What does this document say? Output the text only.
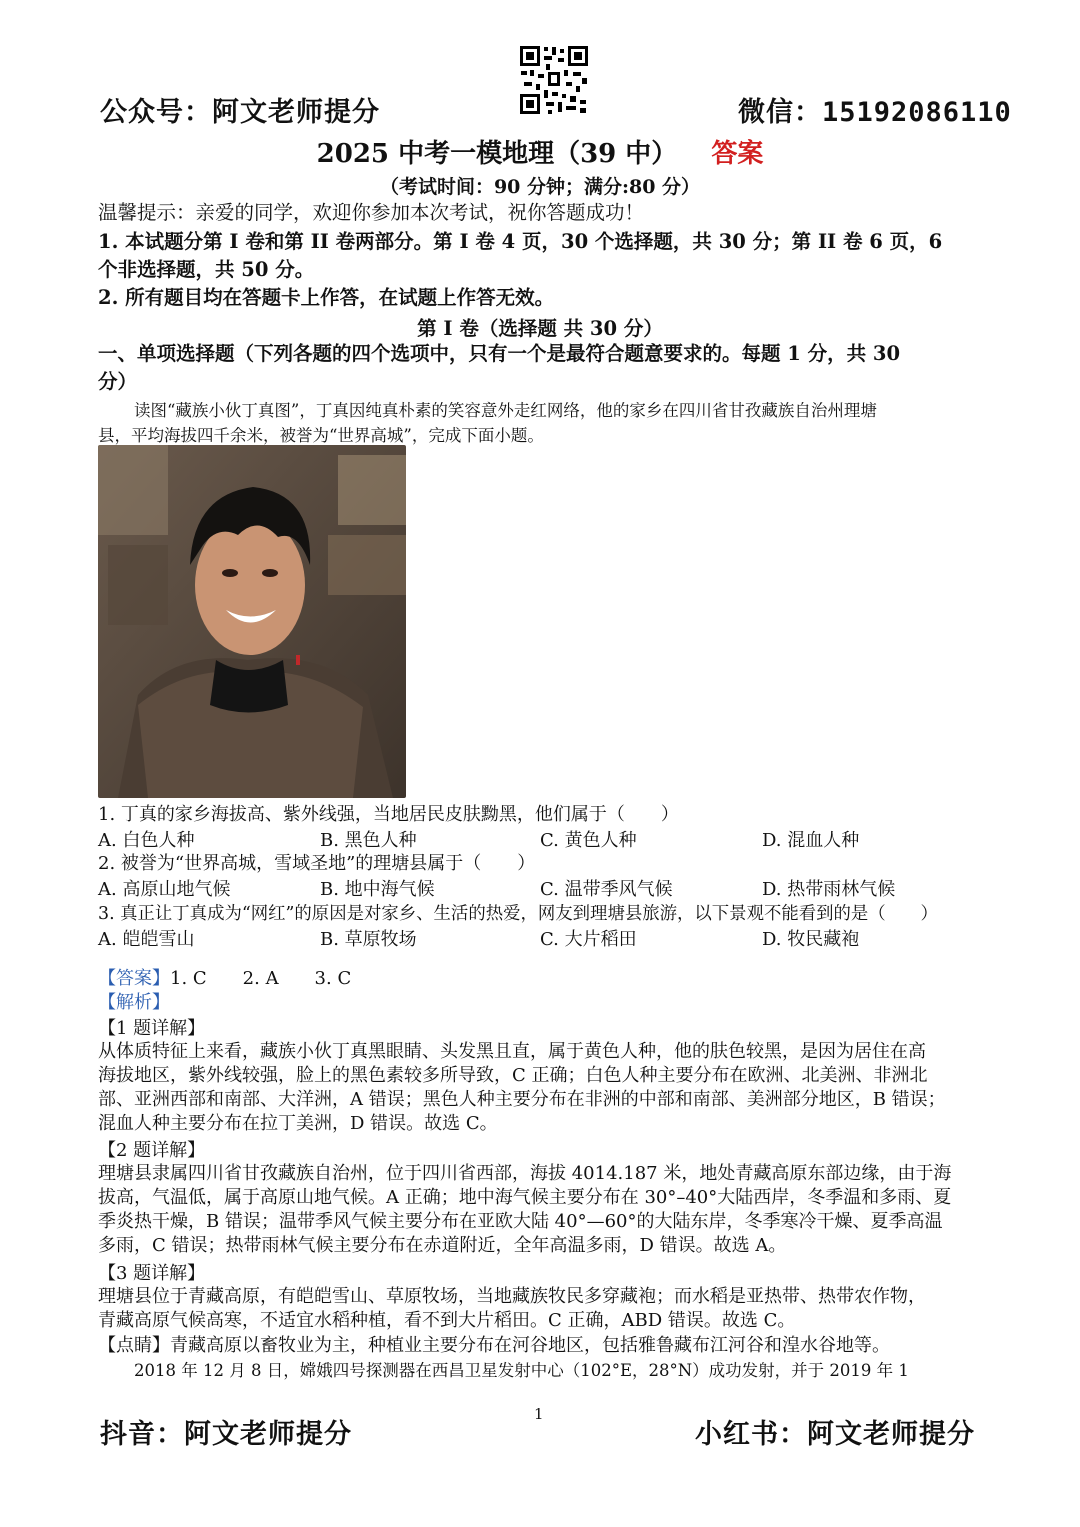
公众号：阿文老师提分	微信：15192086110
2025 中考一模地理（39 中） 答案
（考试时间：90 分钟；满分:80 分）
温馨提示：亲爱的同学，欢迎你参加本次考试，祝你答题成功！
1. 本试题分第 I 卷和第 II 卷两部分。第 I 卷 4 页，30 个选择题，共 30 分；第 II 卷 6 页，6
个非选择题，共 50 分。
2. 所有题目均在答题卡上作答，在试题上作答无效。
第 I 卷（选择题 共 30 分）
一、单项选择题（下列各题的四个选项中，只有一个是最符合题意要求的。每题 1 分，共 30
分）
读图“藏族小伙丁真图”，丁真因纯真朴素的笑容意外走红网络，他的家乡在四川省甘孜藏族自治州理塘
县，平均海拔四千余米，被誉为“世界高城”，完成下面小题。
1. 丁真的家乡海拔高、紫外线强，当地居民皮肤黝黑，他们属于（　　）
A. 白色人种	B. 黑色人种	C. 黄色人种	D. 混血人种
2. 被誉为“世界高城，雪域圣地”的理塘县属于（　　）
A. 高原山地气候	B. 地中海气候	C. 温带季风气候	D. 热带雨林气候
3. 真正让丁真成为“网红”的原因是对家乡、生活的热爱，网友到理塘县旅游，以下景观不能看到的是（　　）
A. 皑皑雪山	B. 草原牧场	C. 大片稻田	D. 牧民藏袍
【答案】1. C　　2. A　　3. C
【解析】
【1 题详解】
从体质特征上来看，藏族小伙丁真黑眼睛、头发黑且直，属于黄色人种，他的肤色较黑，是因为居住在高
海拔地区，紫外线较强，脸上的黑色素较多所导致，C 正确；白色人种主要分布在欧洲、北美洲、非洲北
部、亚洲西部和南部、大洋洲，A 错误；黑色人种主要分布在非洲的中部和南部、美洲部分地区，B 错误；
混血人种主要分布在拉丁美洲，D 错误。故选 C。
【2 题详解】
理塘县隶属四川省甘孜藏族自治州，位于四川省西部，海拔 4014.187 米，地处青藏高原东部边缘，由于海
拔高，气温低，属于高原山地气候。A 正确；地中海气候主要分布在 30°–40°大陆西岸，冬季温和多雨、夏
季炎热干燥，B 错误；温带季风气候主要分布在亚欧大陆 40°—60°的大陆东岸，冬季寒冷干燥、夏季高温
多雨，C 错误；热带雨林气候主要分布在赤道附近，全年高温多雨，D 错误。故选 A。
【3 题详解】
理塘县位于青藏高原，有皑皑雪山、草原牧场，当地藏族牧民多穿藏袍；而水稻是亚热带、热带农作物，
青藏高原气候高寒，不适宜水稻种植，看不到大片稻田。C 正确，ABD 错误。故选 C。
【点睛】青藏高原以畜牧业为主，种植业主要分布在河谷地区，包括雅鲁藏布江河谷和湟水谷地等。
2018 年 12 月 8 日，嫦娥四号探测器在西昌卫星发射中心（102°E，28°N）成功发射，并于 2019 年 1
抖音：阿文老师提分
1
小红书：阿文老师提分
